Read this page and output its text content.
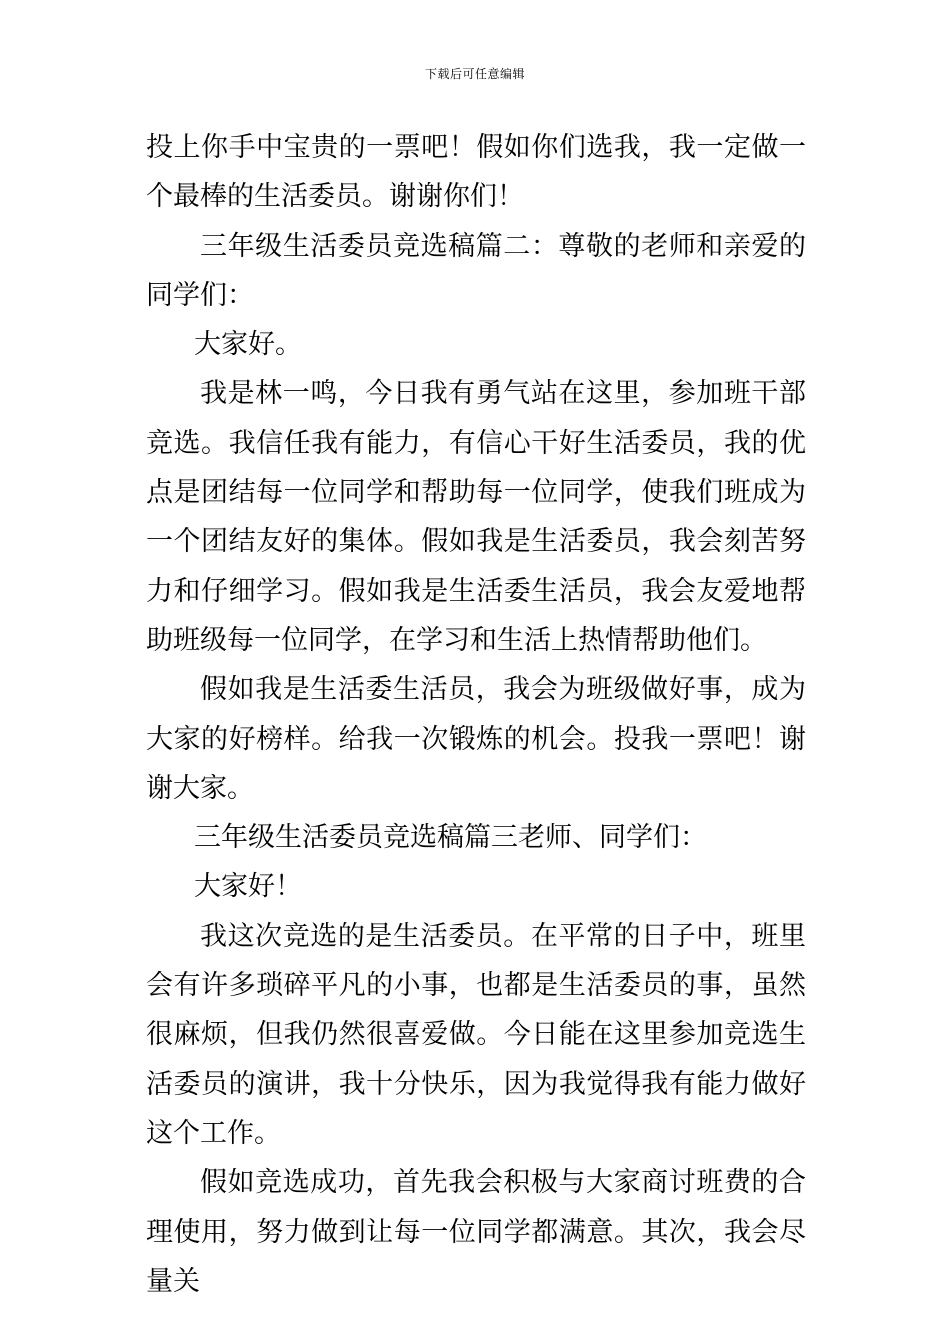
下载后可任意编辑

投上你手中宝贵的一票吧！假如你们选我，我一定做一个最棒的生活委员。谢谢你们！

三年级生活委员竞选稿篇二：尊敬的老师和亲爱的同学们：

大家好。

我是林一鸣，今日我有勇气站在这里，参加班干部竞选。我信任我有能力，有信心干好生活委员，我的优点是团结每一位同学和帮助每一位同学，使我们班成为一个团结友好的集体。假如我是生活委员，我会刻苦努力和仔细学习。假如我是生活委生活员，我会友爱地帮助班级每一位同学，在学习和生活上热情帮助他们。

假如我是生活委生活员，我会为班级做好事，成为大家的好榜样。给我一次锻炼的机会。投我一票吧！谢谢大家。

三年级生活委员竞选稿篇三老师、同学们：

大家好！

我这次竞选的是生活委员。在平常的日子中，班里会有许多琐碎平凡的小事，也都是生活委员的事，虽然很麻烦，但我仍然很喜爱做。今日能在这里参加竞选生活委员的演讲，我十分快乐，因为我觉得我有能力做好这个工作。

假如竞选成功，首先我会积极与大家商讨班费的合理使用，努力做到让每一位同学都满意。其次，我会尽量关
